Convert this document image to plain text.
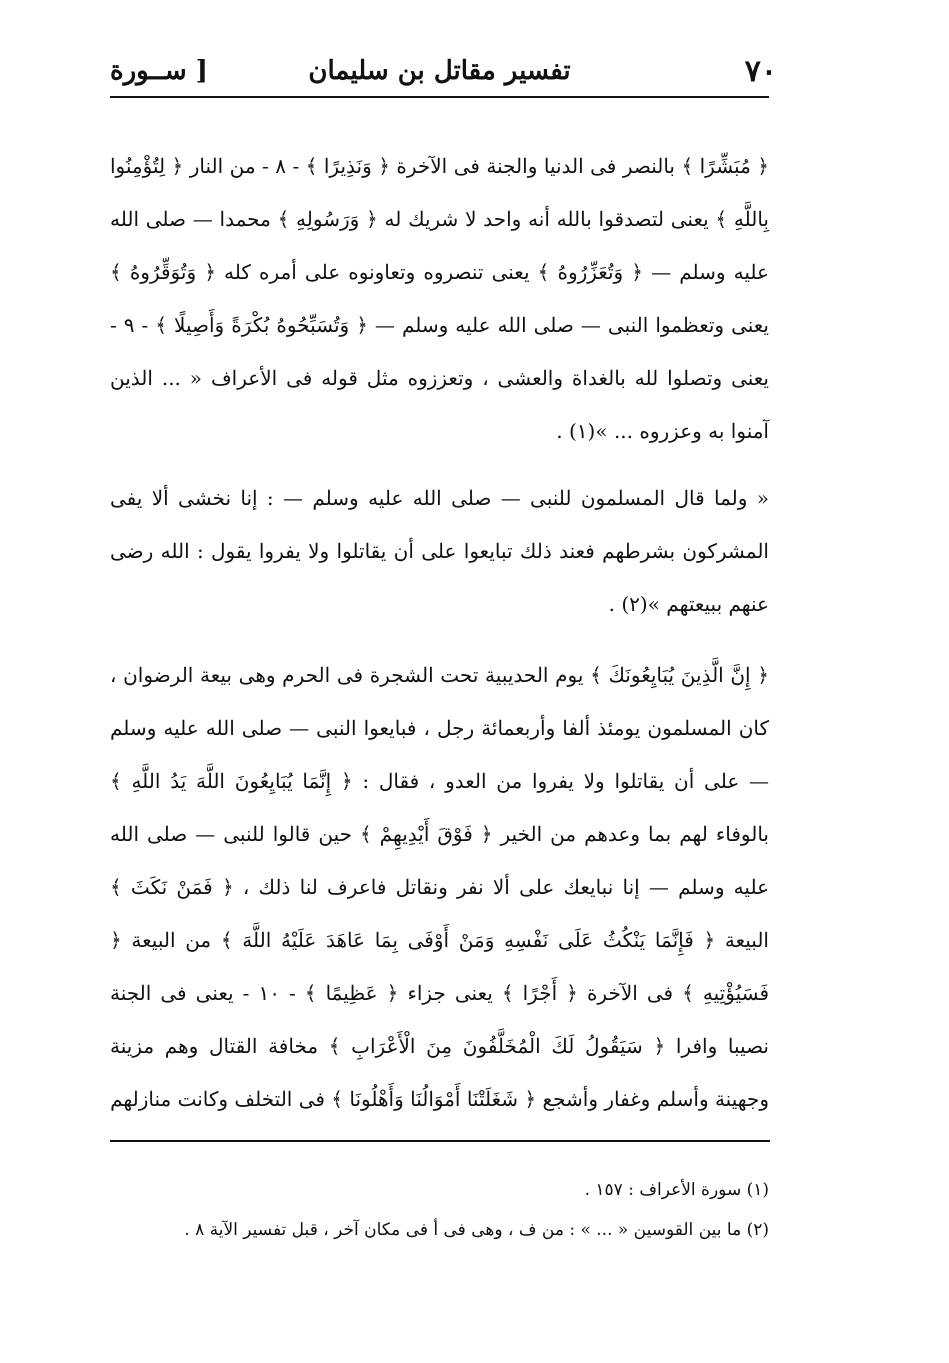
٧٠
تفسير مقاتل بن سليمان
[ ســورة

﴿ مُبَشِّرًا ﴾ بالنصر فى الدنيا والجنة فى الآخرة ﴿ وَنَذِيرًا ﴾ - ٨ - من النار ﴿ لِتُؤْمِنُوا بِاللَّهِ ﴾ يعنى لتصدقوا بالله أنه واحد لا شريك له ﴿ وَرَسُولِهِ ﴾ محمدا — صلى الله عليه وسلم — ﴿ وَتُعَزِّرُوهُ ﴾ يعنى تنصروه وتعاونوه على أمره كله ﴿ وَتُوَقِّرُوهُ ﴾ يعنى وتعظموا النبى — صلى الله عليه وسلم — ﴿ وَتُسَبِّحُوهُ بُكْرَةً وَأَصِيلًا ﴾ - ٩ - يعنى وتصلوا لله بالغداة والعشى ، وتعززوه مثل قوله فى الأعراف « ... الذين آمنوا به وعزروه ... »(١) .

« ولما قال المسلمون للنبى — صلى الله عليه وسلم — : إنا نخشى ألا يفى المشركون بشرطهم فعند ذلك تبايعوا على أن يقاتلوا ولا يفروا يقول : الله رضى عنهم ببيعتهم »(٢) .

﴿ إِنَّ الَّذِينَ يُبَايِعُونَكَ ﴾ يوم الحديبية تحت الشجرة فى الحرم وهى بيعة الرضوان ، كان المسلمون يومئذ ألفا وأربعمائة رجل ، فبايعوا النبى — صلى الله عليه وسلم — على أن يقاتلوا ولا يفروا من العدو ، فقال : ﴿ إِنَّمَا يُبَايِعُونَ اللَّهَ يَدُ اللَّهِ ﴾ بالوفاء لهم بما وعدهم من الخير ﴿ فَوْقَ أَيْدِيهِمْ ﴾ حين قالوا للنبى — صلى الله عليه وسلم — إنا نبايعك على ألا نفر ونقاتل فاعرف لنا ذلك ، ﴿ فَمَنْ نَكَثَ ﴾ البيعة ﴿ فَإِنَّمَا يَنْكُثُ عَلَى نَفْسِهِ وَمَنْ أَوْفَى بِمَا عَاهَدَ عَلَيْهُ اللَّهَ ﴾ من البيعة ﴿ فَسَيُؤْتِيهِ ﴾ فى الآخرة ﴿ أَجْرًا ﴾ يعنى جزاء ﴿ عَظِيمًا ﴾ - ١٠ - يعنى فى الجنة نصيبا وافرا ﴿ سَيَقُولُ لَكَ الْمُخَلَّفُونَ مِنَ الْأَعْرَابِ ﴾ مخافة القتال وهم مزينة وجهينة وأسلم وغفار وأشجع ﴿ شَغَلَتْنَا أَمْوَالُنَا وَأَهْلُونَا ﴾ فى التخلف وكانت منازلهم

(١) سورة الأعراف : ١٥٧ .

(٢) ما بين القوسين « ... » : من ف ، وهى فى أ فى مكان آخر ، قبل تفسير الآية ٨ .
